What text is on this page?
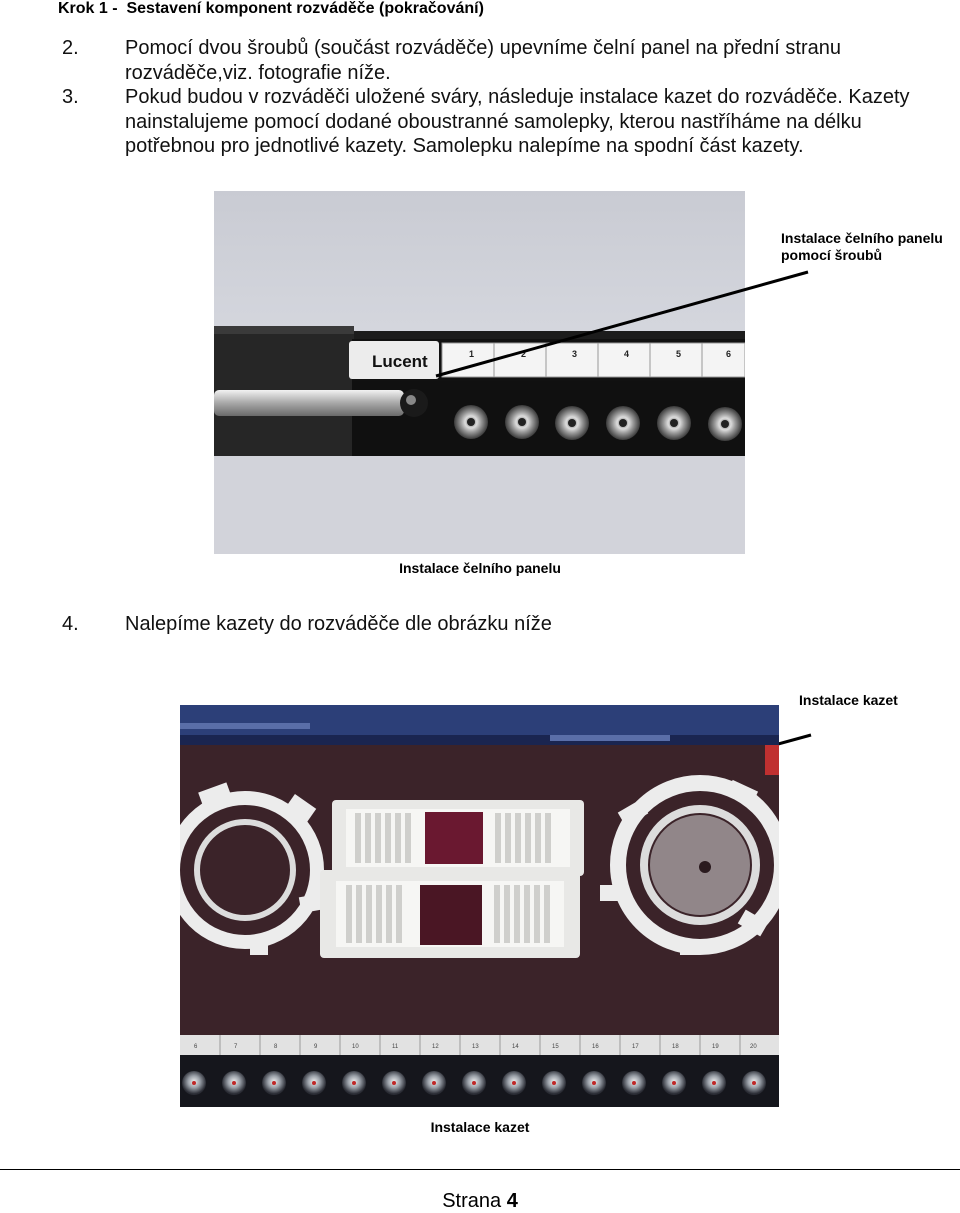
Krok 1 - Sestavení komponent rozváděče (pokračování)
2. Pomocí dvou šroubů (součást rozváděče) upevníme čelní panel na přední stranu rozváděče,viz. fotografie níže.
3. Pokud budou v rozváděči uložené sváry, následuje instalace kazet do rozváděče. Kazety nainstalujeme pomocí dodané oboustranné samolepky, kterou nastříháme na délku potřebnou pro jednotlivé kazety. Samolepku nalepíme na spodní část kazety.
Lucent	1	2	3	4	5	6
Instalace čelního panelu
pomocí šroubů
Instalace čelního panelu
4. Nalepíme kazety do rozváděče dle obrázku níže
Instalace kazet
6	7	8	9	10	11	12	13	14	15	16	17	18	19	20
Instalace kazet
Strana 4
